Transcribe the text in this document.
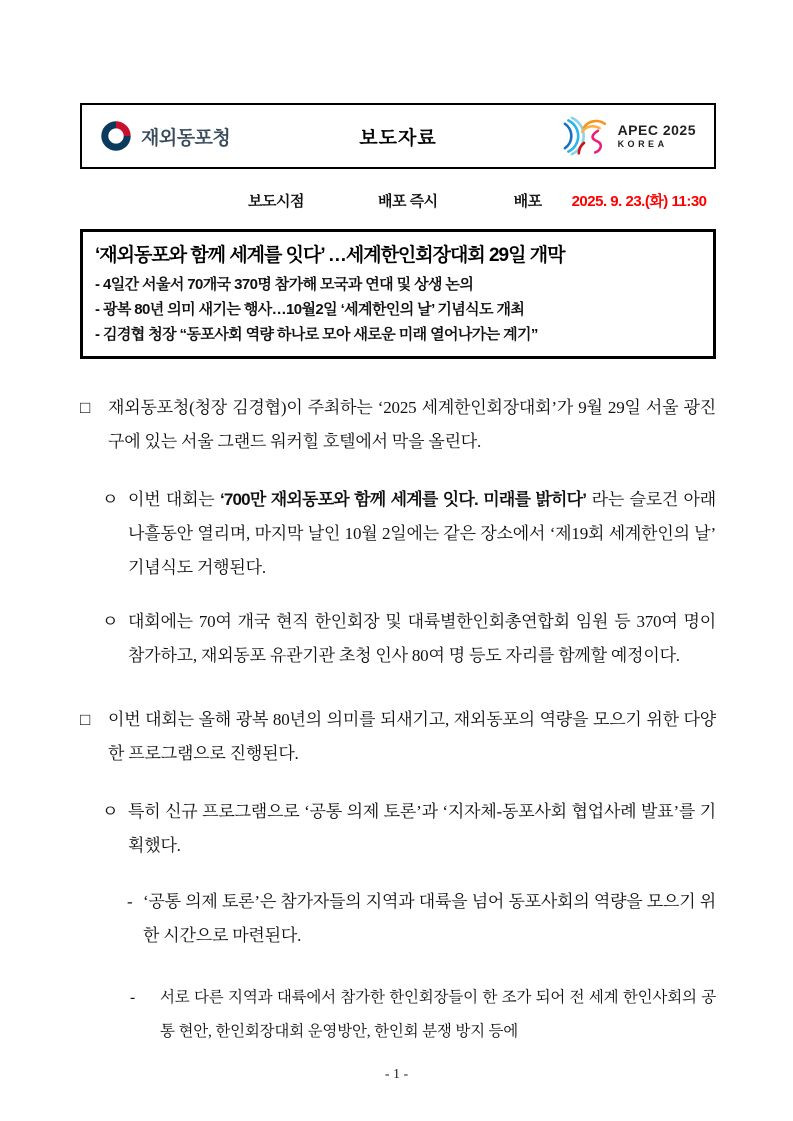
재외동포청	보도자료	APEC 2025
KOREA
보도시점	배포 즉시	배포 2025. 9. 23.(화) 11:30
‘재외동포와 함께 세계를 잇다’ …세계한인회장대회 29일 개막
- 4일간 서울서 70개국 370명 참가해 모국과 연대 및 상생 논의
- 광복 80년 의미 새기는 행사…10월2일 ‘세계한인의 날’ 기념식도 개최
- 김경협 청장 “동포사회 역량 하나로 모아 새로운 미래 열어나가는 계기”
□	재외동포청(청장 김경협)이 주최하는 ‘2025 세계한인회장대회’가 9월 29일 서울 광진구에 있는 서울 그랜드 워커힐 호텔에서 막을 올린다.
ㅇ 이번 대회는 ‘700만 재외동포와 함께 세계를 잇다. 미래를 밝히다’ 라는 슬로건 아래 나흘동안 열리며, 마지막 날인 10월 2일에는 같은 장소에서 ‘제19회 세계한인의 날’ 기념식도 거행된다.
ㅇ 대회에는 70여 개국 현직 한인회장 및 대륙별한인회총연합회 임원 등 370여 명이 참가하고, 재외동포 유관기관 초청 인사 80여 명 등도 자리를 함께할 예정이다.
□	이번 대회는 올해 광복 80년의 의미를 되새기고, 재외동포의 역량을 모으기 위한 다양한 프로그램으로 진행된다.
ㅇ 특히 신규 프로그램으로 ‘공통 의제 토론’과 ‘지자체-동포사회 협업사례 발표’를 기획했다.
- ‘공통 의제 토론’은 참가자들의 지역과 대륙을 넘어 동포사회의 역량을 모으기 위한 시간으로 마련된다.
-	서로 다른 지역과 대륙에서 참가한 한인회장들이 한 조가 되어 전 세계 한인사회의 공통 현안, 한인회장대회 운영방안, 한인회 분쟁 방지 등에
- 1 -
